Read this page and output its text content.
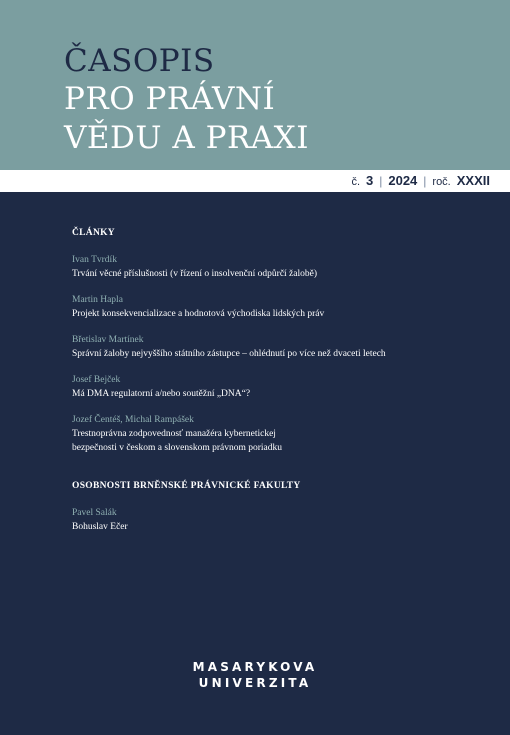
ČASOPIS
PRO PRÁVNÍ
VĚDU A PRAXI
č. 3 | 2024 | roč. XXXII
ČLÁNKY
Ivan Tvrdík
Trvání věcné příslušnosti (v řízení o insolvenční odpůrčí žalobě)
Martin Hapla
Projekt konsekvencializace a hodnotová východiska lidských práv
Břetislav Martínek
Správní žaloby nejvyššího státního zástupce – ohlédnutí po více než dvaceti letech
Josef Bejček
Má DMA regulatorní a/nebo soutěžní „DNA“?
Jozef Čentéš, Michal Rampášek
Trestnoprávna zodpovednosť manažéra kybernetickej
bezpečnosti v českom a slovenskom právnom poriadku
OSOBNOSTI BRNĚNSKÉ PRÁVNICKÉ FAKULTY
Pavel Salák
Bohuslav Ečer
MASARYKOVA
UNIVERZITA
